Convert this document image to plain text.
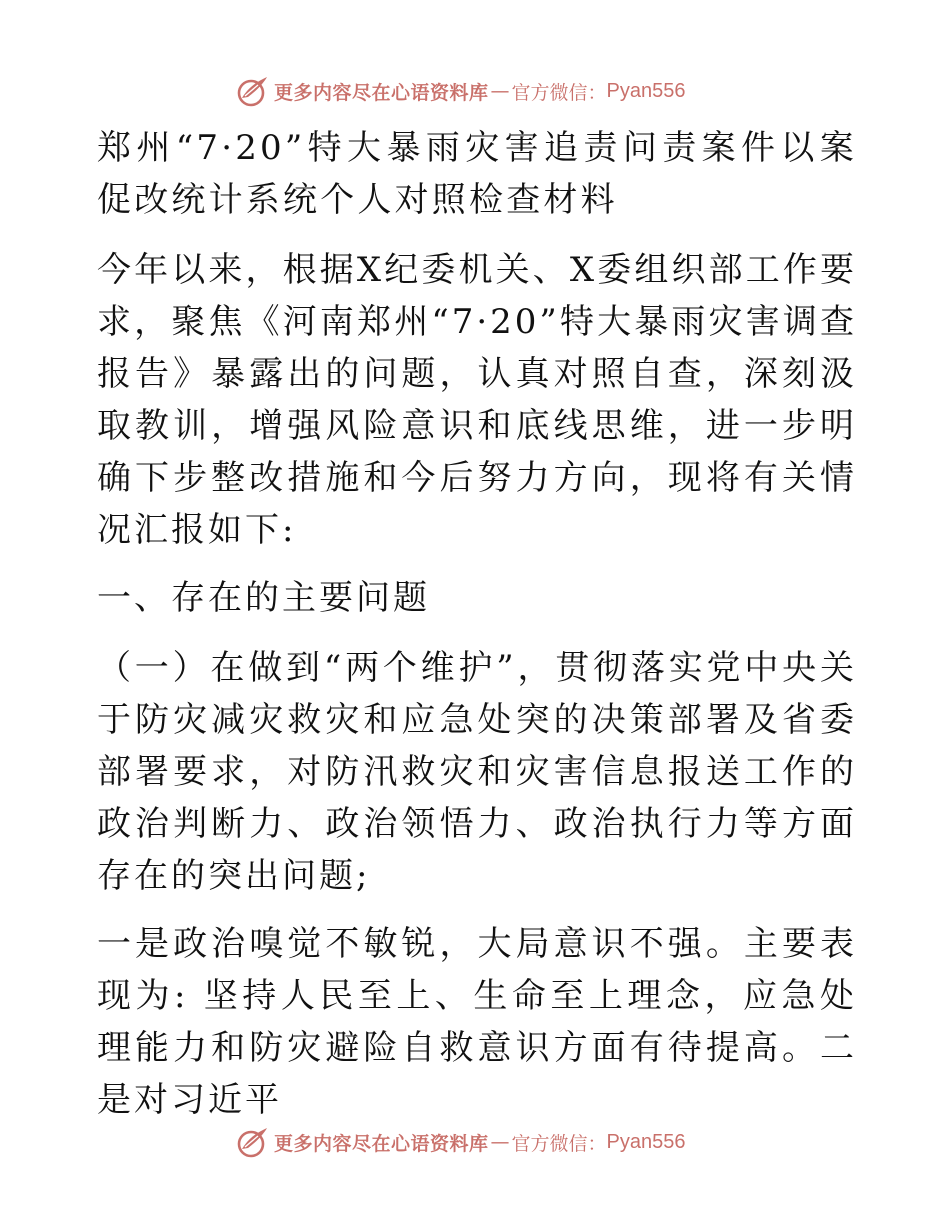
更多内容尽在心语资料库 — 官方微信： Pyan556

郑州“7·20”特大暴雨灾害追责问责案件以案促改统计系统个人对照检查材料

今年以来，根据X纪委机关、X委组织部工作要求，聚焦《河南郑州“7·20”特大暴雨灾害调查报告》暴露出的问题，认真对照自查，深刻汲取教训，增强风险意识和底线思维，进一步明确下步整改措施和今后努力方向，现将有关情况汇报如下:

一、存在的主要问题

（一）在做到“两个维护”，贯彻落实党中央关于防灾减灾救灾和应急处突的决策部署及省委部署要求，对防汛救灾和灾害信息报送工作的政治判断力、政治领悟力、政治执行力等方面存在的突出问题;

一是政治嗅觉不敏锐，大局意识不强。主要表现为: 坚持人民至上、生命至上理念，应急处理能力和防灾避险自救意识方面有待提高。二是对习近平

更多内容尽在心语资料库 — 官方微信： Pyan556
